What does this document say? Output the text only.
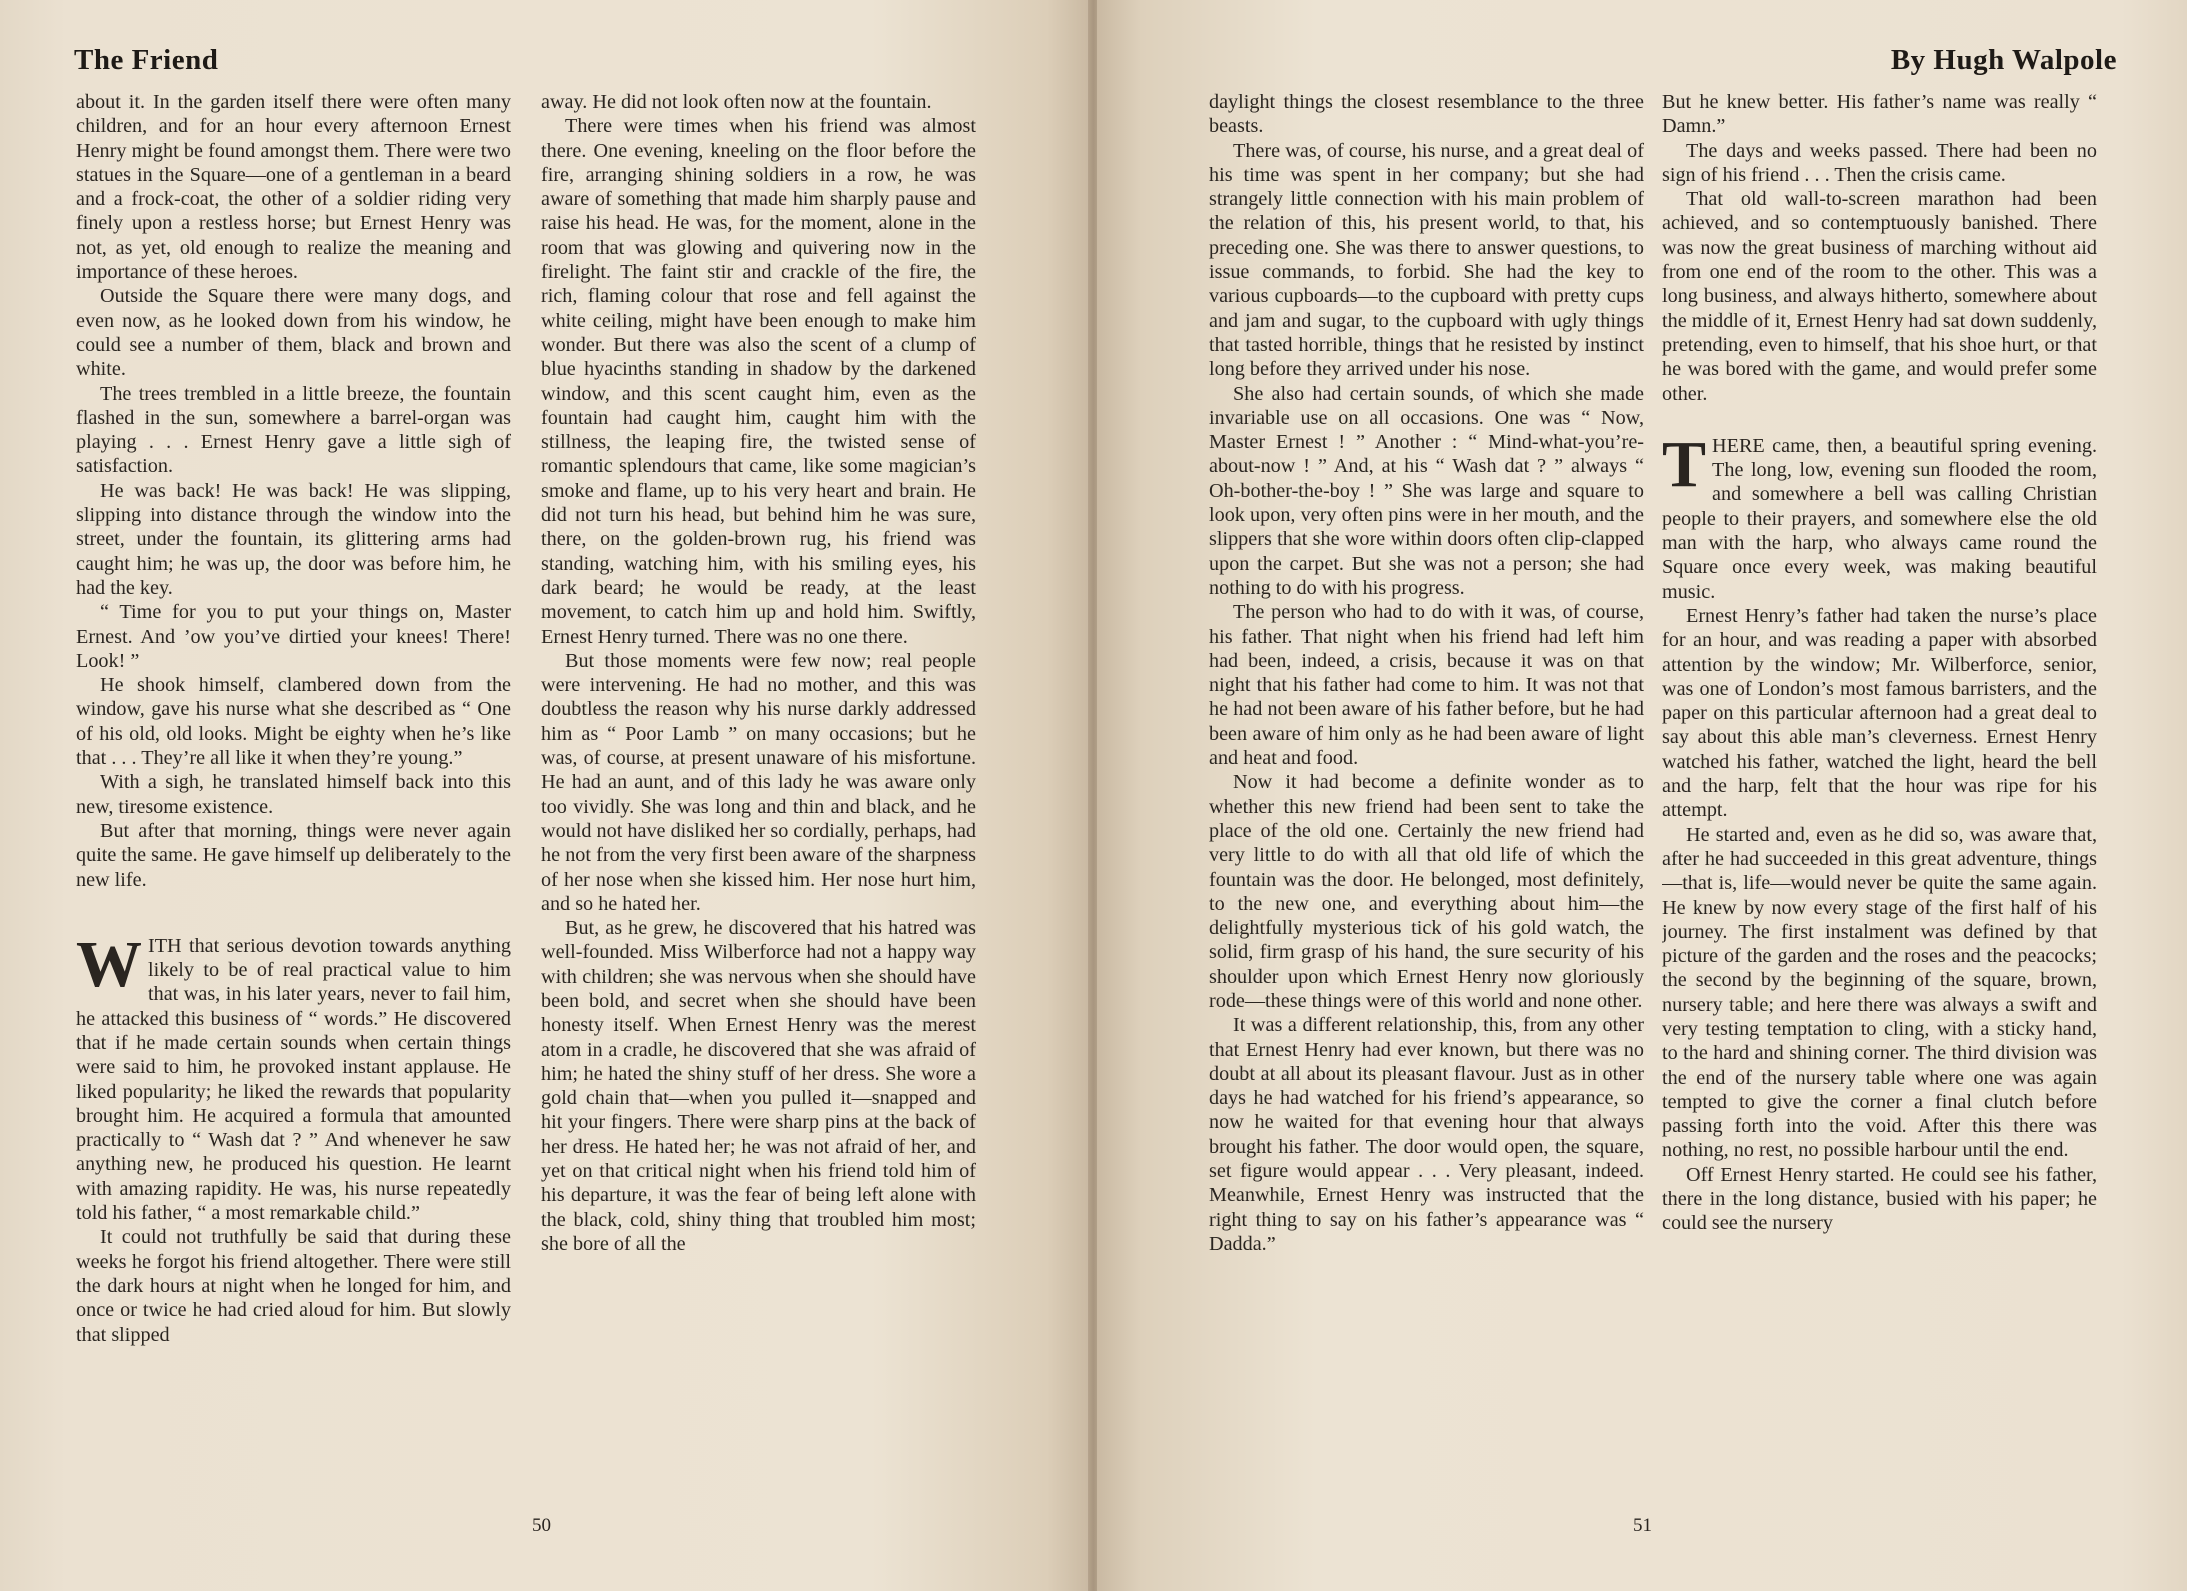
The Friend

about it. In the garden itself there were often many children, and for an hour every afternoon Ernest Henry might be found amongst them. There were two statues in the Square—one of a gentleman in a beard and a frock-coat, the other of a soldier riding very finely upon a restless horse; but Ernest Henry was not, as yet, old enough to realize the meaning and importance of these heroes.

Outside the Square there were many dogs, and even now, as he looked down from his window, he could see a number of them, black and brown and white.

The trees trembled in a little breeze, the fountain flashed in the sun, somewhere a barrel-organ was playing . . . Ernest Henry gave a little sigh of satisfaction.

He was back! He was back! He was slipping, slipping into distance through the window into the street, under the fountain, its glittering arms had caught him; he was up, the door was before him, he had the key.

“ Time for you to put your things on, Master Ernest. And ’ow you’ve dirtied your knees! There! Look! ”

He shook himself, clambered down from the window, gave his nurse what she described as “ One of his old, old looks. Might be eighty when he’s like that . . . They’re all like it when they’re young.”

With a sigh, he translated himself back into this new, tiresome existence.

But after that morning, things were never again quite the same. He gave himself up deliberately to the new life.

WITH that serious devotion towards anything likely to be of real practical value to him that was, in his later years, never to fail him, he attacked this business of “ words.” He discovered that if he made certain sounds when certain things were said to him, he provoked instant applause. He liked popularity; he liked the rewards that popularity brought him. He acquired a formula that amounted practically to “ Wash dat ? ” And whenever he saw anything new, he produced his question. He learnt with amazing rapidity. He was, his nurse repeatedly told his father, “ a most remarkable child.”

It could not truthfully be said that during these weeks he forgot his friend altogether. There were still the dark hours at night when he longed for him, and once or twice he had cried aloud for him. But slowly that slipped

away. He did not look often now at the fountain.

There were times when his friend was almost there. One evening, kneeling on the floor before the fire, arranging shining soldiers in a row, he was aware of something that made him sharply pause and raise his head. He was, for the moment, alone in the room that was glowing and quivering now in the firelight. The faint stir and crackle of the fire, the rich, flaming colour that rose and fell against the white ceiling, might have been enough to make him wonder. But there was also the scent of a clump of blue hyacinths standing in shadow by the darkened window, and this scent caught him, even as the fountain had caught him, caught him with the stillness, the leaping fire, the twisted sense of romantic splendours that came, like some magician’s smoke and flame, up to his very heart and brain. He did not turn his head, but behind him he was sure, there, on the golden-brown rug, his friend was standing, watching him, with his smiling eyes, his dark beard; he would be ready, at the least movement, to catch him up and hold him. Swiftly, Ernest Henry turned. There was no one there.

But those moments were few now; real people were intervening. He had no mother, and this was doubtless the reason why his nurse darkly addressed him as “ Poor Lamb ” on many occasions; but he was, of course, at present unaware of his misfortune. He had an aunt, and of this lady he was aware only too vividly. She was long and thin and black, and he would not have disliked her so cordially, perhaps, had he not from the very first been aware of the sharpness of her nose when she kissed him. Her nose hurt him, and so he hated her.

But, as he grew, he discovered that his hatred was well-founded. Miss Wilberforce had not a happy way with children; she was nervous when she should have been bold, and secret when she should have been honesty itself. When Ernest Henry was the merest atom in a cradle, he discovered that she was afraid of him; he hated the shiny stuff of her dress. She wore a gold chain that—when you pulled it—snapped and hit your fingers. There were sharp pins at the back of her dress. He hated her; he was not afraid of her, and yet on that critical night when his friend told him of his departure, it was the fear of being left alone with the black, cold, shiny thing that troubled him most; she bore of all the

50
By Hugh Walpole

daylight things the closest resemblance to the three beasts.

There was, of course, his nurse, and a great deal of his time was spent in her company; but she had strangely little connection with his main problem of the relation of this, his present world, to that, his preceding one. She was there to answer questions, to issue commands, to forbid. She had the key to various cupboards—to the cupboard with pretty cups and jam and sugar, to the cupboard with ugly things that tasted horrible, things that he resisted by instinct long before they arrived under his nose.

She also had certain sounds, of which she made invariable use on all occasions. One was “ Now, Master Ernest ! ” Another : “ Mind-what-you’re-about-now ! ” And, at his “ Wash dat ? ” always “ Oh-bother-the-boy ! ” She was large and square to look upon, very often pins were in her mouth, and the slippers that she wore within doors often clip-clapped upon the carpet. But she was not a person; she had nothing to do with his progress.

The person who had to do with it was, of course, his father. That night when his friend had left him had been, indeed, a crisis, because it was on that night that his father had come to him. It was not that he had not been aware of his father before, but he had been aware of him only as he had been aware of light and heat and food.

Now it had become a definite wonder as to whether this new friend had been sent to take the place of the old one. Certainly the new friend had very little to do with all that old life of which the fountain was the door. He belonged, most definitely, to the new one, and everything about him—the delightfully mysterious tick of his gold watch, the solid, firm grasp of his hand, the sure security of his shoulder upon which Ernest Henry now gloriously rode—these things were of this world and none other.

It was a different relationship, this, from any other that Ernest Henry had ever known, but there was no doubt at all about its pleasant flavour. Just as in other days he had watched for his friend’s appearance, so now he waited for that evening hour that always brought his father. The door would open, the square, set figure would appear . . . Very pleasant, indeed. Meanwhile, Ernest Henry was instructed that the right thing to say on his father’s appearance was “ Dadda.”

But he knew better. His father’s name was really “ Damn.”

The days and weeks passed. There had been no sign of his friend . . . Then the crisis came.

That old wall-to-screen marathon had been achieved, and so contemptuously banished. There was now the great business of marching without aid from one end of the room to the other. This was a long business, and always hitherto, somewhere about the middle of it, Ernest Henry had sat down suddenly, pretending, even to himself, that his shoe hurt, or that he was bored with the game, and would prefer some other.

THERE came, then, a beautiful spring evening. The long, low, evening sun flooded the room, and somewhere a bell was calling Christian people to their prayers, and somewhere else the old man with the harp, who always came round the Square once every week, was making beautiful music.

Ernest Henry’s father had taken the nurse’s place for an hour, and was reading a paper with absorbed attention by the window; Mr. Wilberforce, senior, was one of London’s most famous barristers, and the paper on this particular afternoon had a great deal to say about this able man’s cleverness. Ernest Henry watched his father, watched the light, heard the bell and the harp, felt that the hour was ripe for his attempt.

He started and, even as he did so, was aware that, after he had succeeded in this great adventure, things—that is, life—would never be quite the same again. He knew by now every stage of the first half of his journey. The first instalment was defined by that picture of the garden and the roses and the peacocks; the second by the beginning of the square, brown, nursery table; and here there was always a swift and very testing temptation to cling, with a sticky hand, to the hard and shining corner. The third division was the end of the nursery table where one was again tempted to give the corner a final clutch before passing forth into the void. After this there was nothing, no rest, no possible harbour until the end.

Off Ernest Henry started. He could see his father, there in the long distance, busied with his paper; he could see the nursery

51
